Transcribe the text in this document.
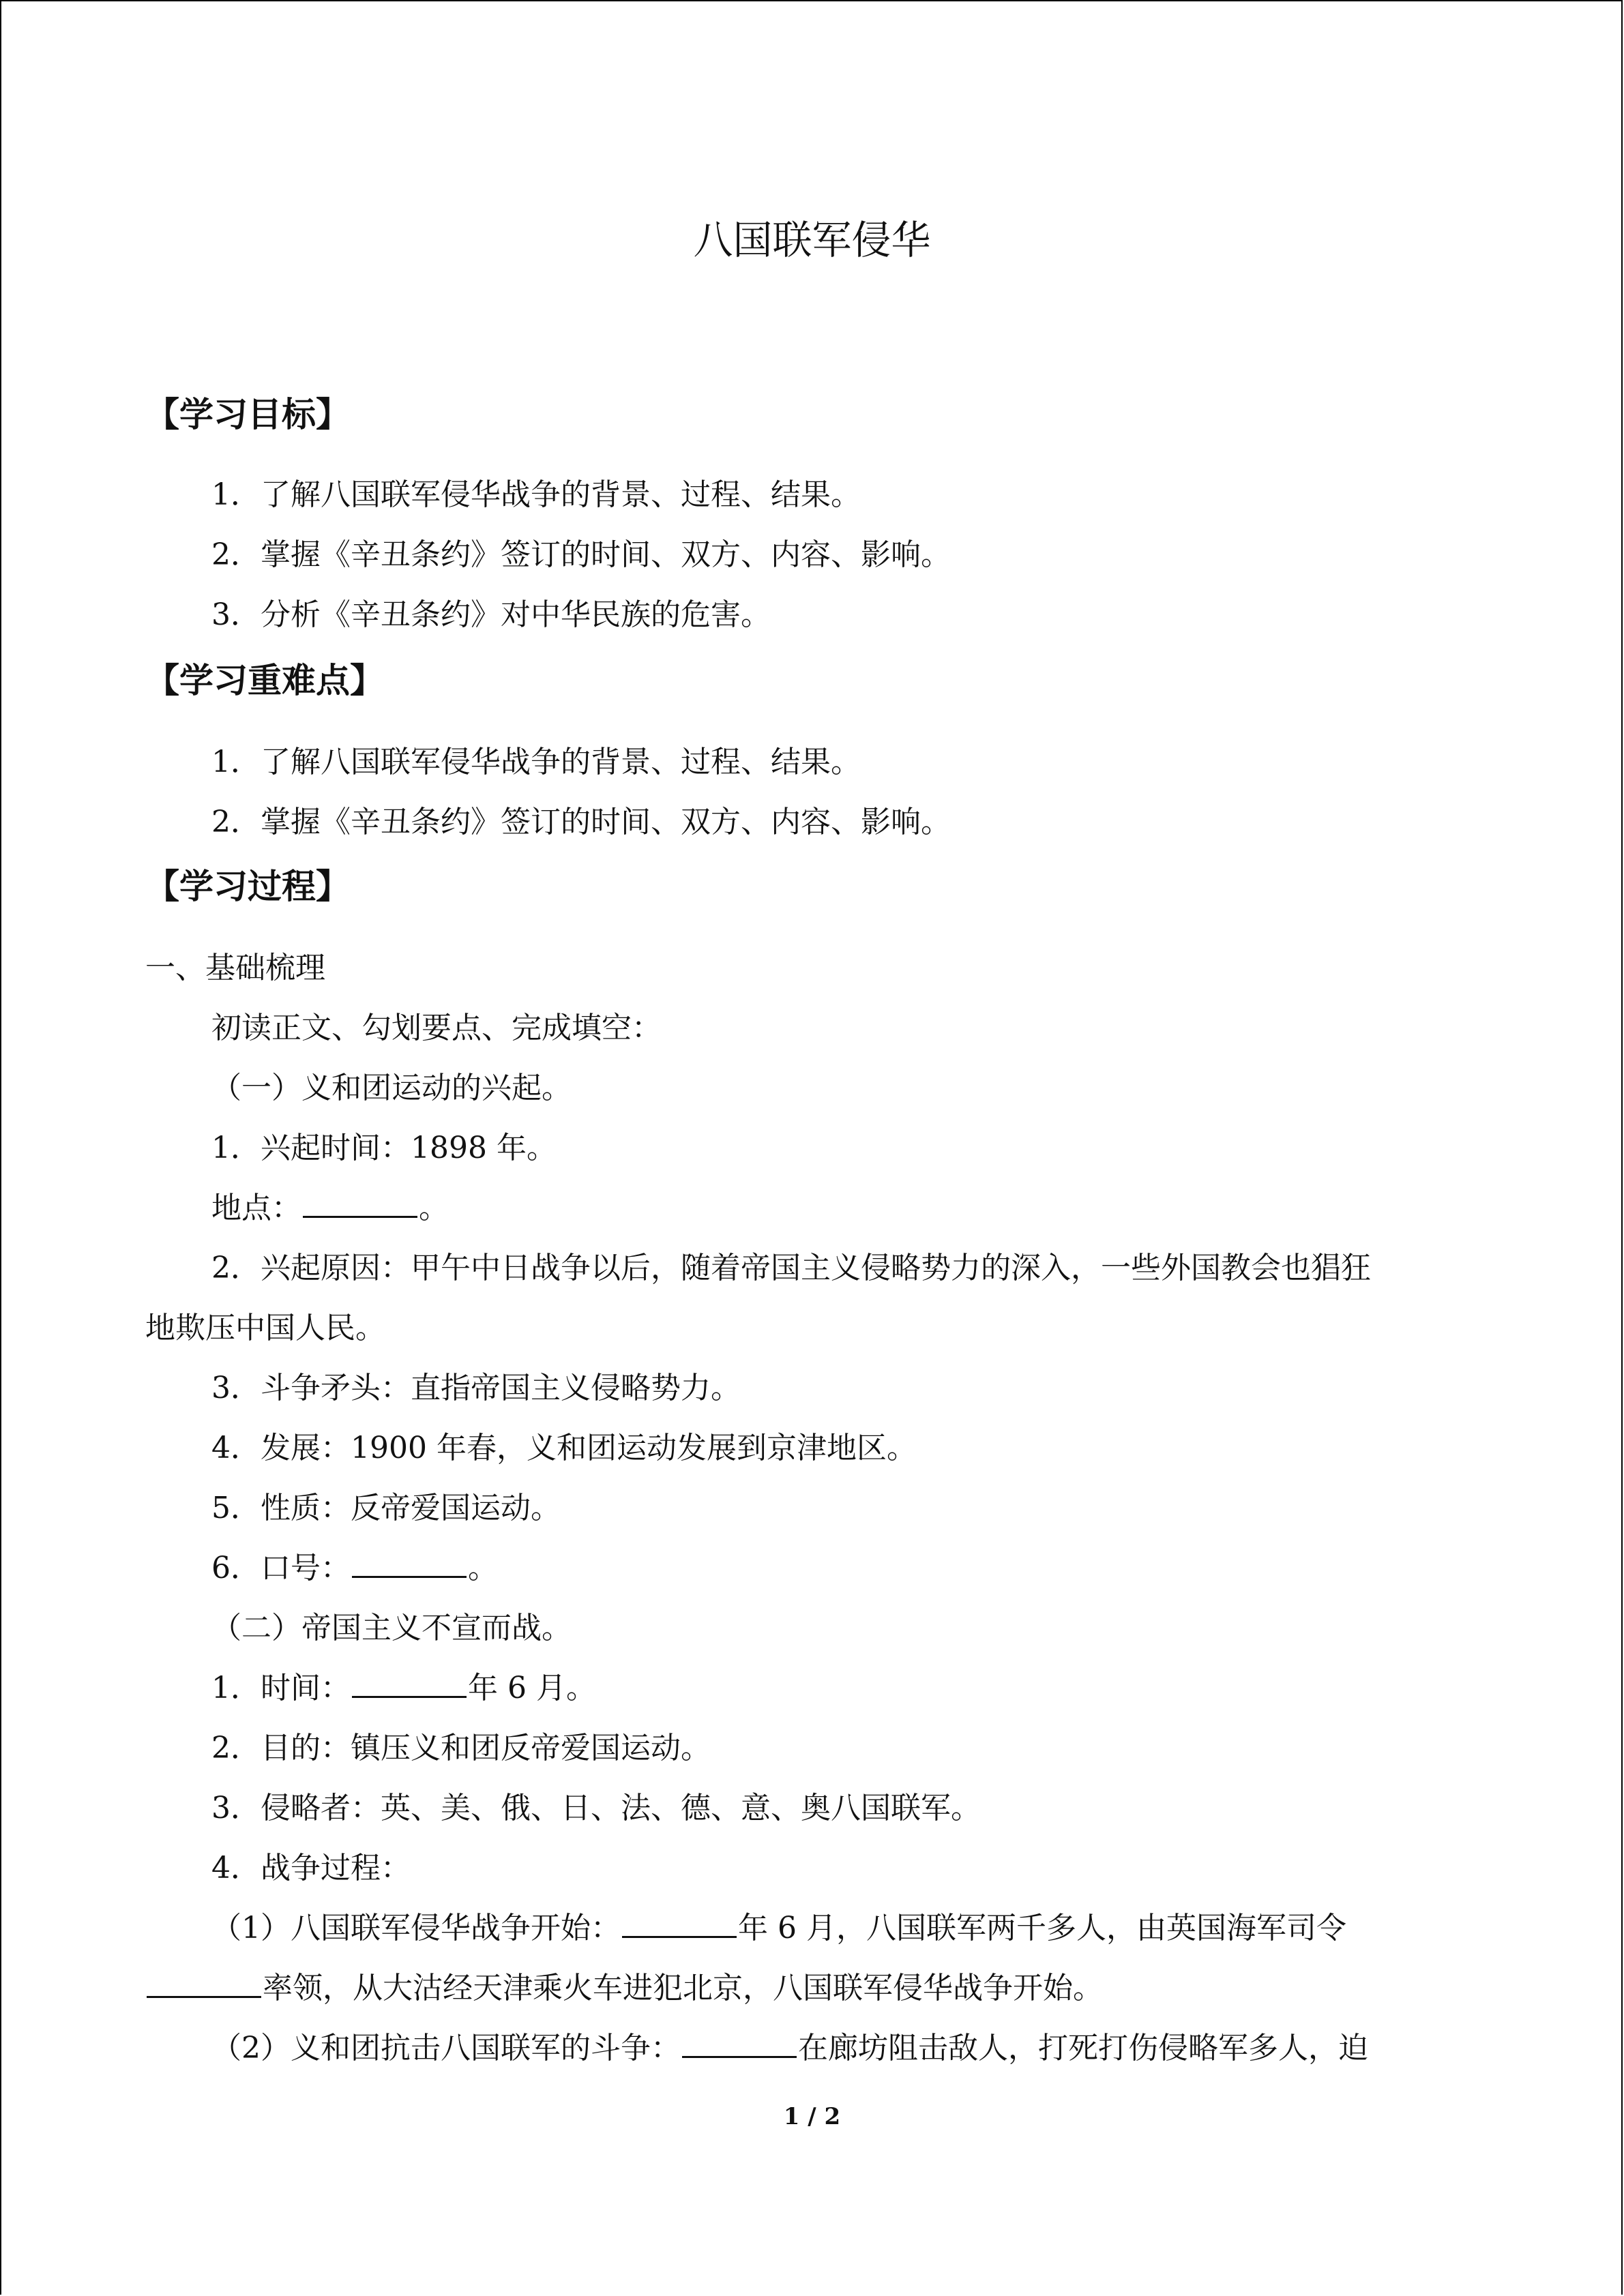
八国联军侵华
【学习目标】
1．了解八国联军侵华战争的背景、过程、结果。
2．掌握《辛丑条约》签订的时间、双方、内容、影响。
3．分析《辛丑条约》对中华民族的危害。
【学习重难点】
1．了解八国联军侵华战争的背景、过程、结果。
2．掌握《辛丑条约》签订的时间、双方、内容、影响。
【学习过程】
一、基础梳理
初读正文、勾划要点、完成填空：
（一）义和团运动的兴起。
1．兴起时间：1898 年。
地点：	。
2．兴起原因：甲午中日战争以后，随着帝国主义侵略势力的深入，一些外国教会也猖狂
地欺压中国人民。
3．斗争矛头：直指帝国主义侵略势力。
4．发展：1900 年春，义和团运动发展到京津地区。
5．性质：反帝爱国运动。
6．口号：	。
（二）帝国主义不宣而战。
1．时间：	年 6 月。
2．目的：镇压义和团反帝爱国运动。
3．侵略者：英、美、俄、日、法、德、意、奥八国联军。
4．战争过程：
（1）八国联军侵华战争开始：	年 6 月，八国联军两千多人，由英国海军司令
率领，从大沽经天津乘火车进犯北京，八国联军侵华战争开始。
（2）义和团抗击八国联军的斗争：	在廊坊阻击敌人，打死打伤侵略军多人，迫
1 / 2
